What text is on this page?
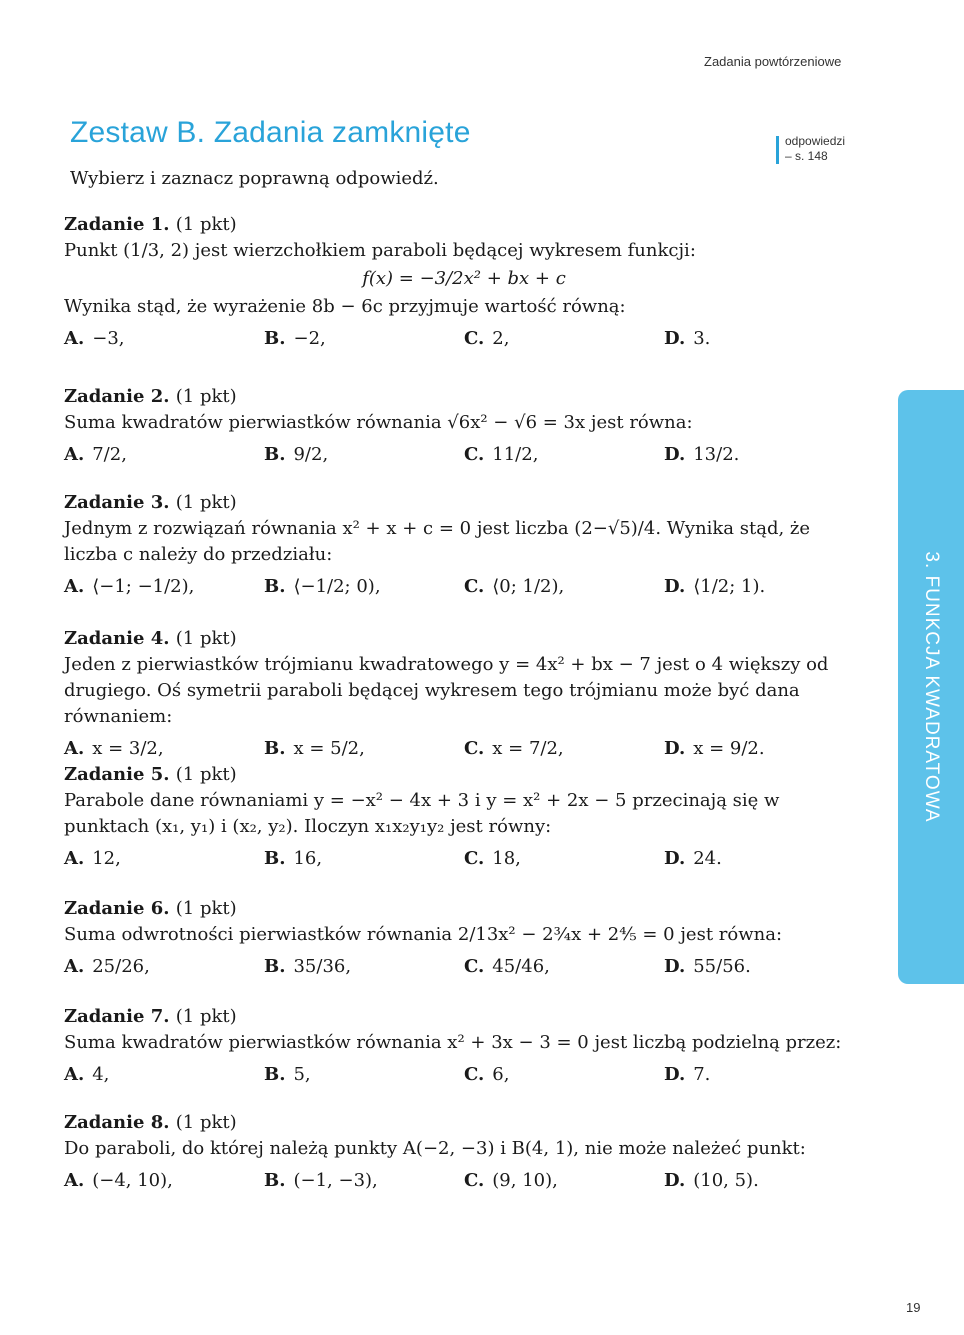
Zadania powtórzeniowe
Zestaw B. Zadania zamknięte	odpowiedzi
– s. 148
Wybierz i zaznacz poprawną odpowiedź.
Zadanie 1. (1 pkt)
Punkt (1/3, 2) jest wierzchołkiem paraboli będącej wykresem funkcji:
f(x) = −3/2x² + bx + c
Wynika stąd, że wyrażenie 8b − 6c przyjmuje wartość równą:
A. −3,	B. −2,	C. 2,	D. 3.
Zadanie 2. (1 pkt)
Suma kwadratów pierwiastków równania √6x² − √6 = 3x jest równa:
A. 7/2,	B. 9/2,	C. 11/2,	D. 13/2.
Zadanie 3. (1 pkt)
Jednym z rozwiązań równania x² + x + c = 0 jest liczba (2−√5)/4. Wynika stąd, że liczba c należy do przedziału:
A. ⟨−1; −1/2),	B. ⟨−1/2; 0),	C. ⟨0; 1/2),	D. ⟨1/2; 1).
Zadanie 4. (1 pkt)
Jeden z pierwiastków trójmianu kwadratowego y = 4x² + bx − 7 jest o 4 większy od drugiego. Oś symetrii paraboli będącej wykresem tego trójmianu może być dana równaniem:
A. x = 3/2,	B. x = 5/2,	C. x = 7/2,	D. x = 9/2.
Zadanie 5. (1 pkt)
Parabole dane równaniami y = −x² − 4x + 3 i y = x² + 2x − 5 przecinają się w punktach (x₁, y₁) i (x₂, y₂). Iloczyn x₁x₂y₁y₂ jest równy:
A. 12,	B. 16,	C. 18,	D. 24.
Zadanie 6. (1 pkt)
Suma odwrotności pierwiastków równania 2/13x² − 2¾x + 2⅘ = 0 jest równa:
A. 25/26,	B. 35/36,	C. 45/46,	D. 55/56.
Zadanie 7. (1 pkt)
Suma kwadratów pierwiastków równania x² + 3x − 3 = 0 jest liczbą podzielną przez:
A. 4,	B. 5,	C. 6,	D. 7.
Zadanie 8. (1 pkt)
Do paraboli, do której należą punkty A(−2, −3) i B(4, 1), nie może należeć punkt:
A. (−4, 10),	B. (−1, −3),	C. (9, 10),	D. (10, 5).
3. FUNKCJA KWADRATOWA
19
